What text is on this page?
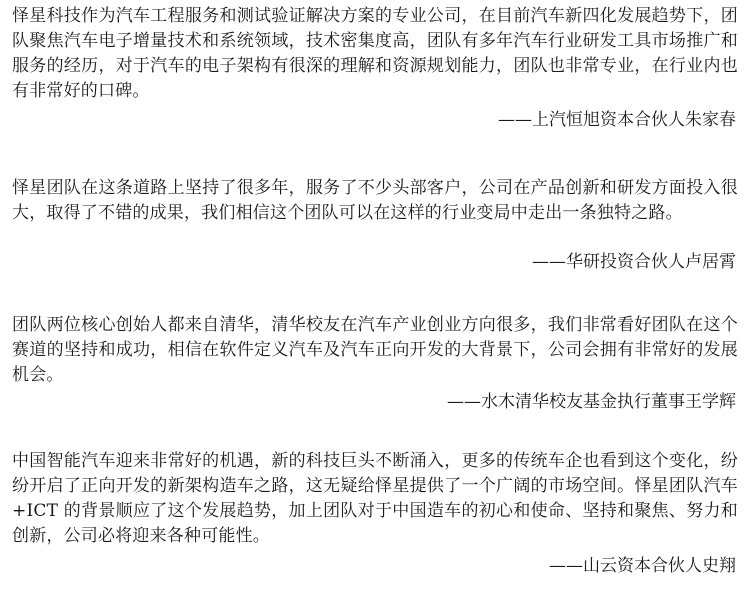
怿星科技作为汽车工程服务和测试验证解决方案的专业公司，在目前汽车新四化发展趋势下，团队聚焦汽车电子增量技术和系统领域，技术密集度高，团队有多年汽车行业研发工具市场推广和服务的经历，对于汽车的电子架构有很深的理解和资源规划能力，团队也非常专业，在行业内也有非常好的口碑。

——上汽恒旭资本合伙人朱家春

怿星团队在这条道路上坚持了很多年，服务了不少头部客户，公司在产品创新和研发方面投入很大，取得了不错的成果，我们相信这个团队可以在这样的行业变局中走出一条独特之路。

——华研投资合伙人卢居霄

团队两位核心创始人都来自清华，清华校友在汽车产业创业方向很多，我们非常看好团队在这个赛道的坚持和成功，相信在软件定义汽车及汽车正向开发的大背景下，公司会拥有非常好的发展机会。

——水木清华校友基金执行董事王学辉

中国智能汽车迎来非常好的机遇，新的科技巨头不断涌入，更多的传统车企也看到这个变化，纷纷开启了正向开发的新架构造车之路，这无疑给怿星提供了一个广阔的市场空间。怿星团队汽车+ICT 的背景顺应了这个发展趋势，加上团队对于中国造车的初心和使命、坚持和聚焦、努力和创新，公司必将迎来各种可能性。

——山云资本合伙人史翔
